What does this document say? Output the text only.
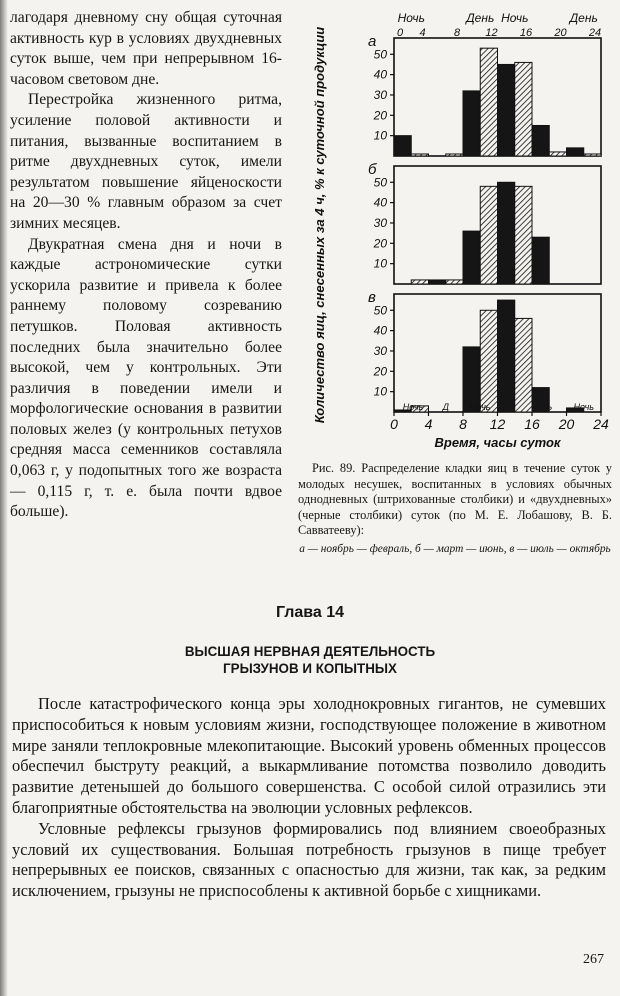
лагодаря дневному сну общая суточная активность кур в условиях двухдневных суток выше, чем при непрерывном 16-часовом световом дне.

Перестройка жизненного ритма, усиление половой активности и питания, вызванные воспитанием в ритме двухдневных суток, имели результатом повышение яйценоскости на 20—30 % главным образом за счет зимних месяцев.

Двукратная смена дня и ночи в каждые астрономические сутки ускорила развитие и привела к более раннему половому созреванию петушков. Половая активность последних была значительно более высокой, чем у контрольных. Эти различия в поведении имели и морфологические основания в развитии половых желез (у контрольных петухов средняя масса семенников составляла 0,063 г, у подопытных того же возраста — 0,115 г, т. е. была почти вдвое больше).

Ночь	День Ночь	День
0 4	8 12 16 20 24
а
10
20
30
40
50
б
10
20
30
40
50
в
10
20
30
40
50
Ночь Д Ночь	Ь Ночь
0 4 8 12 16 20 24
Время, часы суток
Количество яиц, снесенных за 4 ч, % к суточной продукции
Рис. 89. Распределение кладки яиц в течение суток у молодых несушек, воспитанных в условиях обычных однодневных (штрихованные столбики) и «двухдневных» (черные столбики) суток (по М. Е. Лобашову, В. Б. Савватееву):
а — ноябрь — февраль, б — март — июнь, в — июль — октябрь
Глава 14
ВЫСШАЯ НЕРВНАЯ ДЕЯТЕЛЬНОСТЬ
ГРЫЗУНОВ И КОПЫТНЫХ

После катастрофического конца эры холоднокровных гигантов, не сумевших приспособиться к новым условиям жизни, господствующее положение в животном мире заняли теплокровные млекопитающие. Высокий уровень обменных процессов обеспечил быструту реакций, а выкармливание потомства позволило доводить развитие детенышей до большого совершенства. С особой силой отразились эти благоприятные обстоятельства на эволюции условных рефлексов.

Условные рефлексы грызунов формировались под влиянием своеобразных условий их существования. Большая потребность грызунов в пище требует непрерывных ее поисков, связанных с опасностью для жизни, так как, за редким исключением, грызуны не приспособлены к активной борьбе с хищниками.

267
